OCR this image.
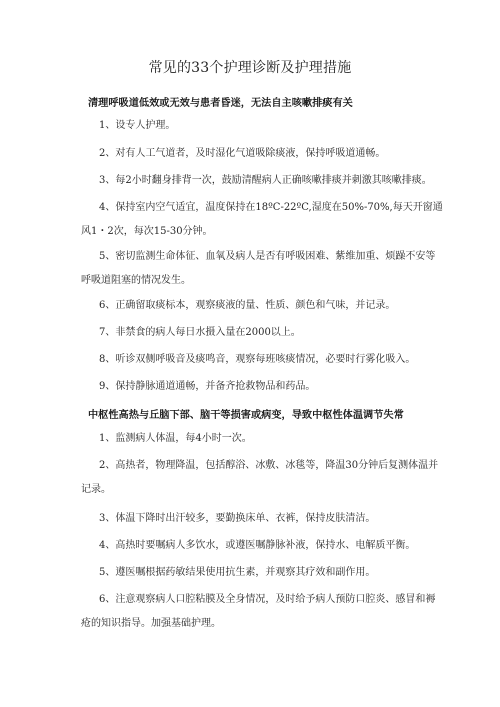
常见的33个护理诊断及护理措施
清理呼吸道低效或无效与患者昏迷，无法自主咳嗽排痰有关
1、设专人护理。
2、对有人工气道者，及时湿化气道吸除痰液，保持呼吸道通畅。
3、每2小时翻身排背一次，鼓励清醒病人正确咳嗽排痰并刺激其咳嗽排痰。
4、保持室内空气适宜，温度保持在18ºC-22ºC,湿度在50%-70%,每天开窗通风1・2次，每次15-30分钟。
5、密切监测生命体征、血氧及病人是否有呼吸困难、紫维加重、烦躁不安等呼吸道阻塞的情况发生。
6、正确留取痰标本，观察痰液的量、性质、颜色和气味，并记录。
7、非禁食的病人每日水摄入量在2000以上。
8、听诊双侧呼吸音及痰鸣音，观察每班咳痰情况，必要时行雾化吸入。
9、保持静脉通道通畅，并备齐抢救物品和药品。
中枢性高热与丘脑下部、脑干等损害或病变，导致中枢性体温调节失常
1、监测病人体温，每4小时一次。
2、高热者，物理降温，包括醇浴、冰敷、冰毯等，降温30分钟后复测体温并记录。
3、体温下降时出汗较多，要勤换床单、衣裤，保持皮肤清洁。
4、高热时要嘱病人多饮水，或遵医嘱静脉补液，保持水、电解质平衡。
5、遵医嘱根据药敏结果使用抗生素，并观察其疗效和副作用。
6、注意观察病人口腔粘膜及全身情况，及时给予病人预防口腔炎、感冒和褥疮的知识指导。加强基础护理。
